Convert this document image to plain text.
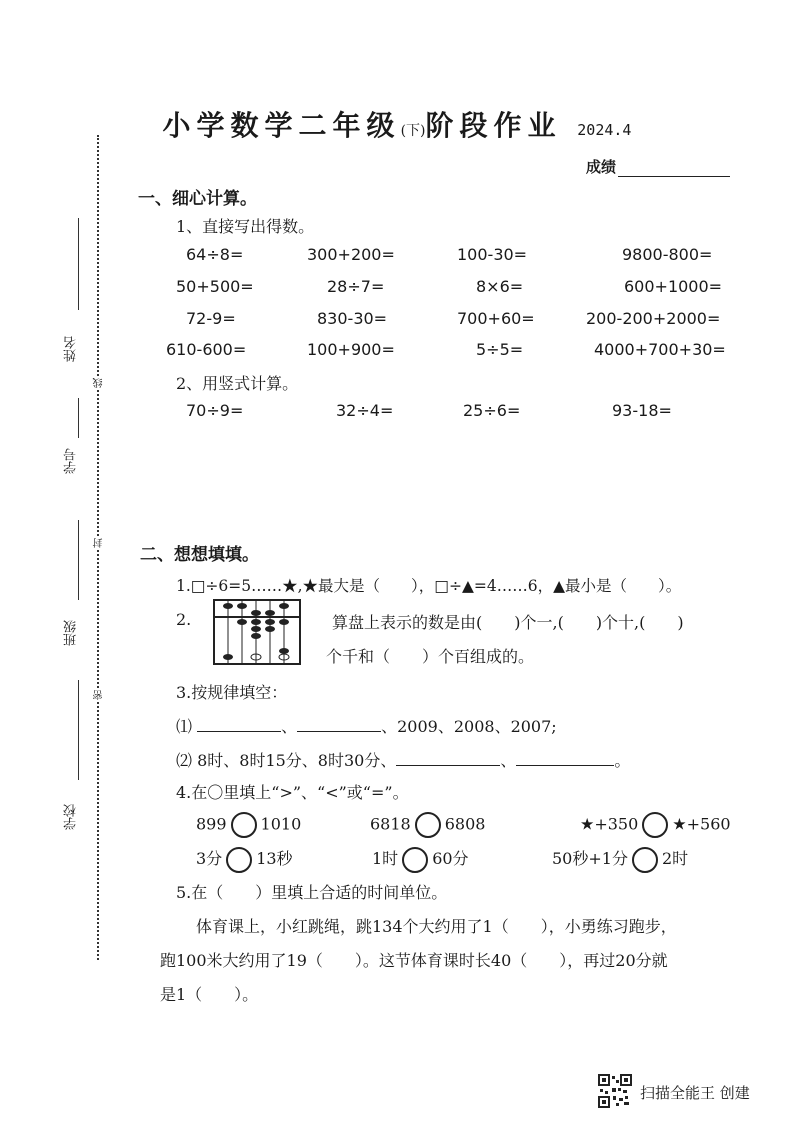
姓名
学号
班级
学校
线
封
密
小学数学二年级(下)阶段作业 2024.4
成绩
一、细心计算。
1、直接写出得数。
64÷8=	300+200=	100-30=	9800-800=
50+500=	28÷7=	8×6=	600+1000=
72-9=	830-30=	700+60=	200-200+2000=
610-600=	100+900=	5÷5=	4000+700+30=
2、用竖式计算。
70÷9=	32÷4=	25÷6=	93-18=
二、想想填填。
1.□÷6=5……★,★最大是（　　），□÷▲=4……6，▲最小是（　　）。
2.	算盘上表示的数是由(　　)个一,(　　)个十,(　　)
个千和（　　）个百组成的。
3.按规律填空：
⑴	、	、2009、2008、2007;
⑵ 8时、8时15分、8时30分、	、	。
4.在〇里填上“>”、“<”或“=”。
899 1010	6818 6808	★+350 ★+560
3分 13秒	1时 60分	50秒+1分 2时
5.在（　　）里填上合适的时间单位。
体育课上，小红跳绳，跳134个大约用了1（　　），小勇练习跑步，
跑100米大约用了19（　　）。这节体育课时长40（　　），再过20分就
是1（　　）。
扫描全能王 创建
